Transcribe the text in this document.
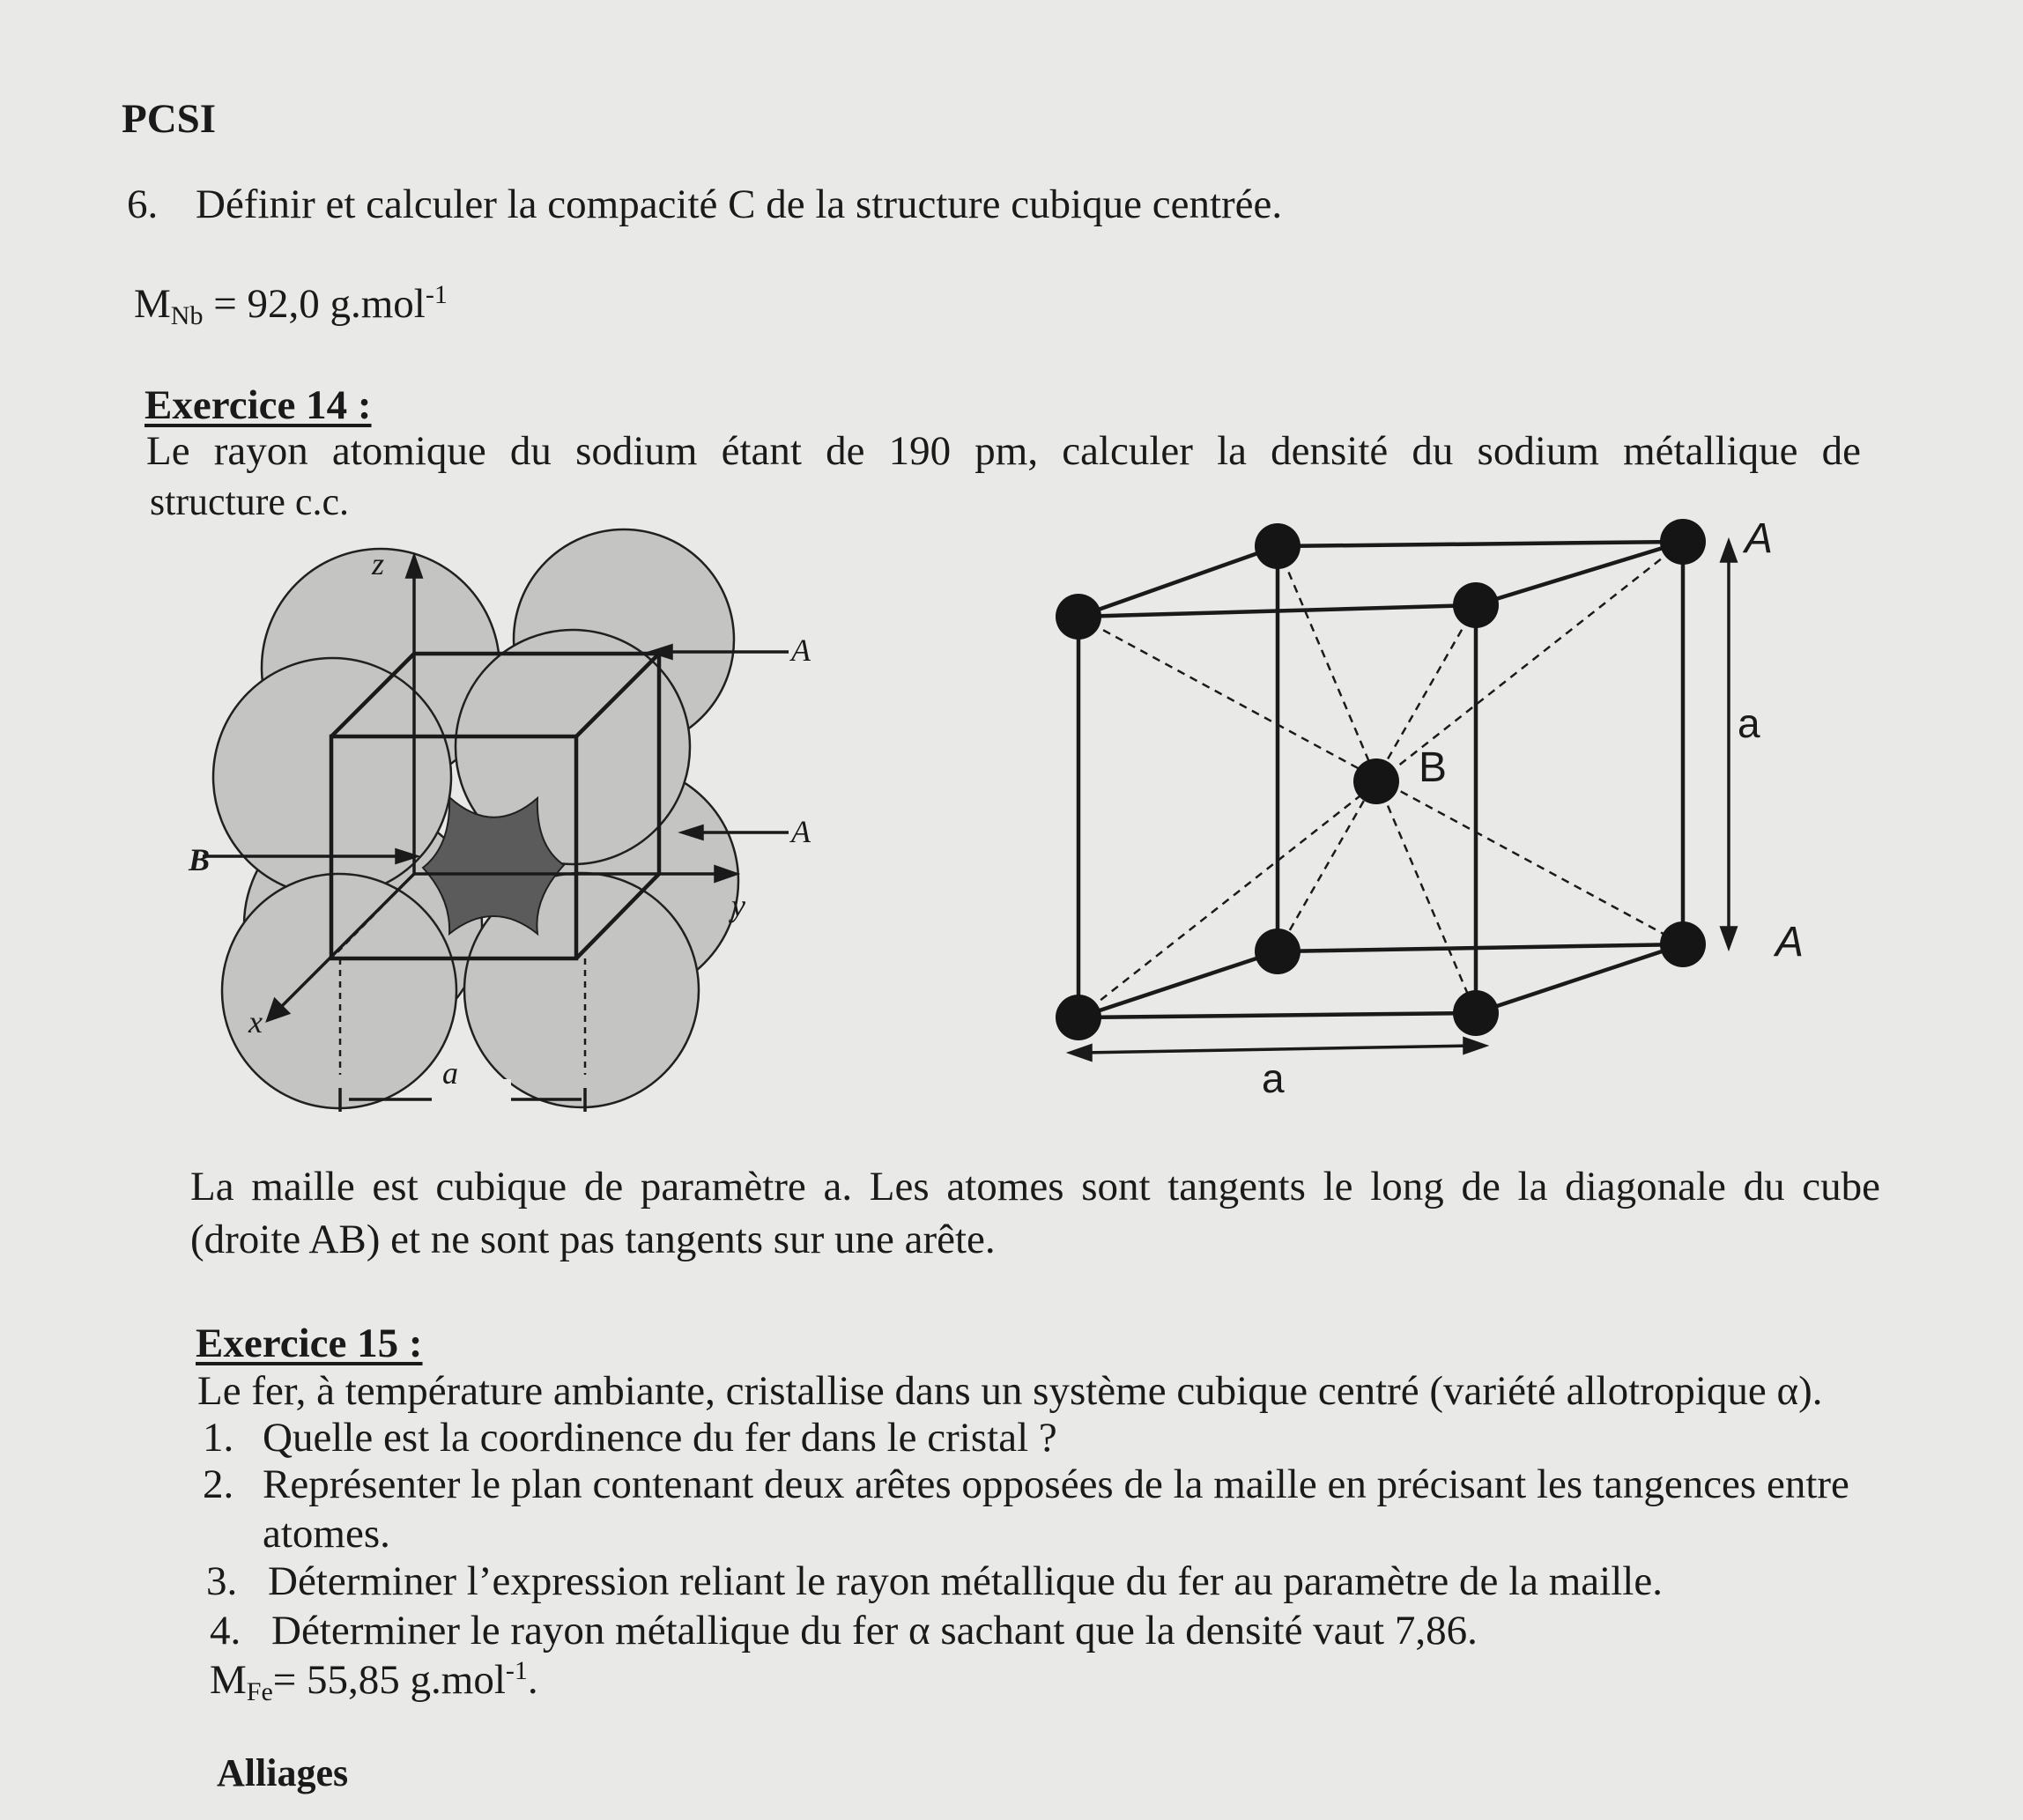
PCSI
6. Définir et calculer la compacité C de la structure cubique centrée.
$M_{Nb} = 92,0$ g.mol$^{-1}$
Exercice 14 :
Le rayon atomique du sodium étant de 190 pm, calculer la densité du sodium métallique de
structure c.c.
z
y
x
A
A
B
a
A
A
B
a
a
La maille est cubique de paramètre a. Les atomes sont tangents le long de la diagonale du cube
(droite AB) et ne sont pas tangents sur une arête.
Exercice 15 :
Le fer, à température ambiante, cristallise dans un système cubique centré (variété allotropique α).
1. Quelle est la coordinence du fer dans le cristal ?
2. Représenter le plan contenant deux arêtes opposées de la maille en précisant les tangences entre
atomes.
3. Déterminer l’expression reliant le rayon métallique du fer au paramètre de la maille.
4. Déterminer le rayon métallique du fer α sachant que la densité vaut 7,86.
$M_{Fe}= 55,85$ g.mol$^{-1}$.
Alliages
